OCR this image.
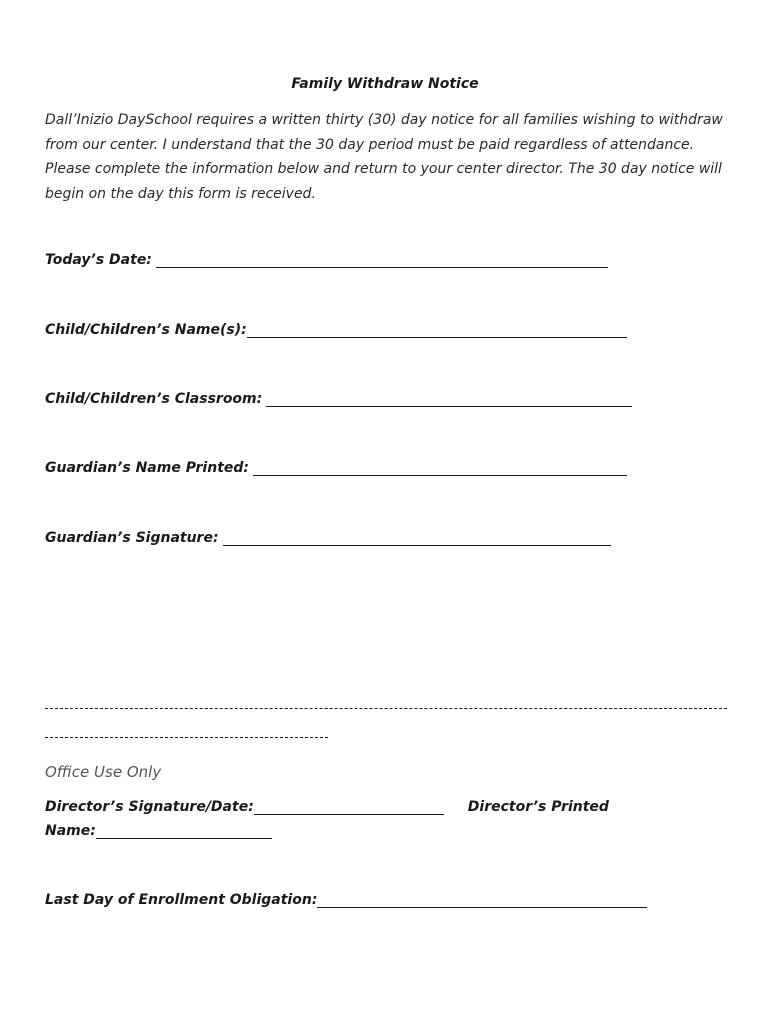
Family Withdraw Notice
Dall’Inizio DaySchool requires a written thirty (30) day notice for all families wishing to withdraw from our center. I understand that the 30 day period must be paid regardless of attendance. Please complete the information below and return to your center director. The 30 day notice will begin on the day this form is received.
Today’s Date:
Child/Children’s Name(s):
Child/Children’s Classroom:
Guardian’s Name Printed:
Guardian’s Signature:
Office Use Only
Director’s Signature/Date:	Director’s Printed
Name:
Last Day of Enrollment Obligation:
